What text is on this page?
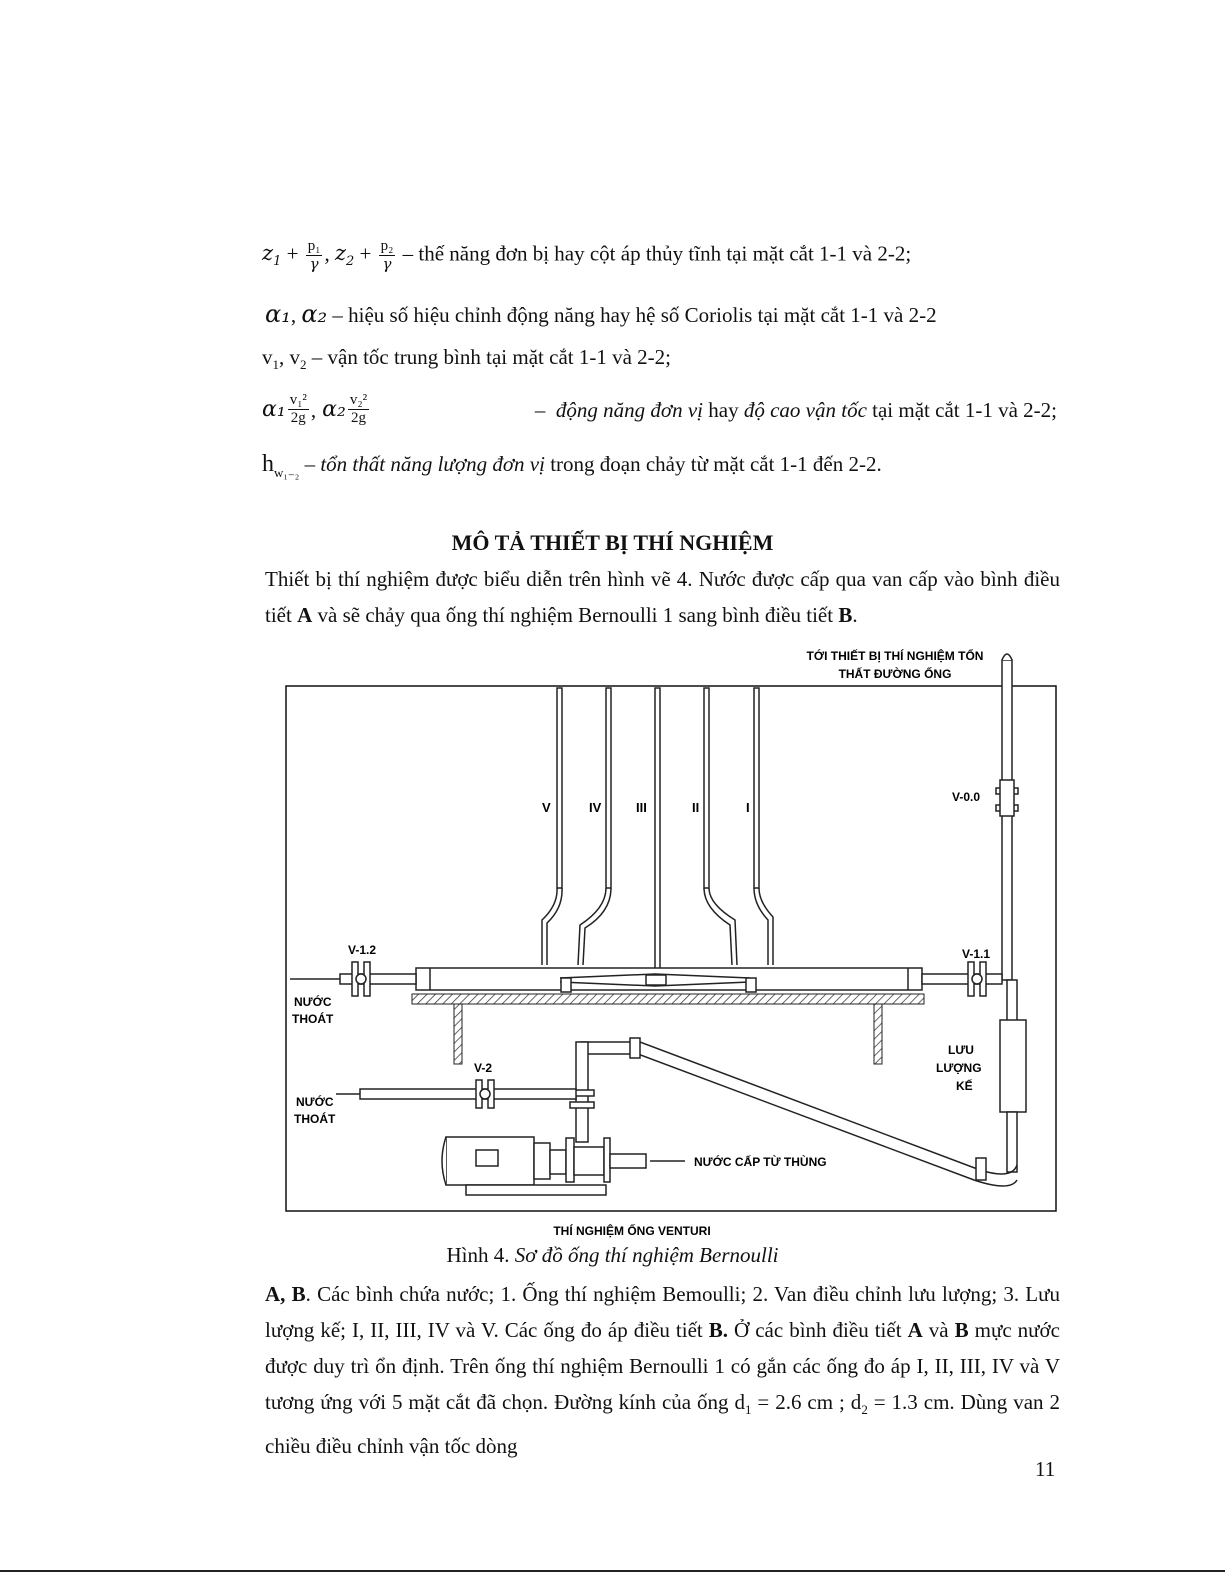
$z_1 + \frac{\text{p₁}}{\gamma}$ , $z_2 + \frac{\text{p₂}}{\gamma}$ – thế năng đơn bị hay cột áp thủy tĩnh tại mặt cắt 1-1 và 2-2;
α₁, α₂ – hiệu số hiệu chỉnh động năng hay hệ số Coriolis tại mặt cắt 1-1 và 2-2
$v_1$, $v_2$ – vận tốc trung bình tại mặt cắt 1-1 và 2-2;
$\alpha_1 \frac{\text{v₁²}}{2g}$ , $\alpha_2 \frac{\text{v₂²}}{2g}$	– động năng đơn vị hay độ cao vận tốc tại mặt cắt 1-1 và 2-2;
$h_{w_{1-2}}$ – tổn thất năng lượng đơn vị trong đoạn chảy từ mặt cắt 1-1 đến 2-2.
MÔ TẢ THIẾT BỊ THÍ NGHIỆM
Thiết bị thí nghiệm được biểu diễn trên hình vẽ 4. Nước được cấp qua van cấp vào bình điều tiết A và sẽ chảy qua ống thí nghiệm Bernoulli 1 sang bình điều tiết B.
TỚI THIẾT BỊ THÍ NGHIỆM TỔN
THẤT ĐƯỜNG ỐNG
V-0.0
V	IV	III	II	I
V-1.2	V-1.1
NƯỚC
THOÁT
LƯU
LƯỢNG
KẾ
V-2
NƯỚC
THOÁT
NƯỚC CẤP TỪ THÙNG
THÍ NGHIỆM ỐNG VENTURI
Hình 4. Sơ đồ ống thí nghiệm Bernoulli
A, B. Các bình chứa nước; 1. Ống thí nghiệm Bemoulli; 2. Van điều chỉnh lưu lượng; 3. Lưu lượng kế; I, II, III, IV và V. Các ống đo áp điều tiết B. Ở các bình điều tiết A và B mực nước được duy trì ổn định. Trên ống thí nghiệm Bernoulli 1 có gắn các ống đo áp I, II, III, IV và V tương ứng với 5 mặt cắt đã chọn. Đường kính của ống $d_1 = 2.6$ cm ; $d_2 = 1.3$ cm. Dùng van 2 chiều điều chỉnh vận tốc dòng
11
